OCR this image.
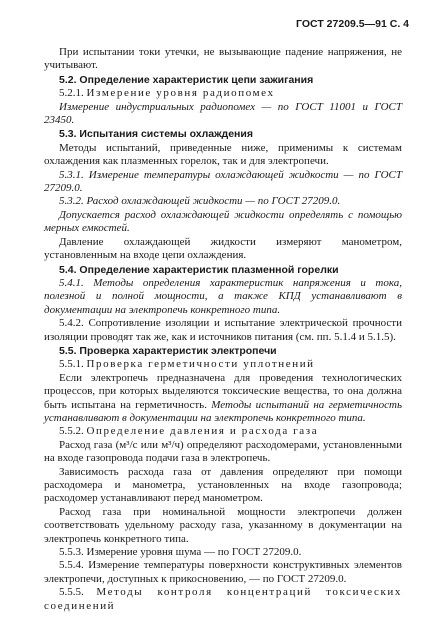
ГОСТ 27209.5—91 С. 4

При испытании токи утечки, не вызывающие падение напряжения, не учитывают.

5.2. Определение характеристик цепи зажигания

5.2.1. Измерение уровня радиопомех

Измерение индустриальных радиопомех — по ГОСТ 11001 и ГОСТ 23450.

5.3. Испытания системы охлаждения

Методы испытаний, приведенные ниже, применимы к системам охлаждения как плазменных горелок, так и для электропечи.

5.3.1. Измерение температуры охлаждающей жидкости — по ГОСТ 27209.0.

5.3.2. Расход охлаждающей жидкости — по ГОСТ 27209.0.

Допускается расход охлаждающей жидкости определять с помощью мерных емкостей.

Давление охлаждающей жидкости измеряют манометром, установленным на входе цепи охлаждения.

5.4. Определение характеристик плазменной горелки

5.4.1. Методы определения характеристик напряжения и тока, полезной и полной мощности, а также КПД устанавливают в документации на электропечь конкретного типа.

5.4.2. Сопротивление изоляции и испытание электрической прочности изоляции проводят так же, как и источников питания (см. пп. 5.1.4 и 5.1.5).

5.5. Проверка характеристик электропечи

5.5.1. Проверка герметичности уплотнений

Если электропечь предназначена для проведения технологических процессов, при которых выделяются токсические вещества, то она должна быть испытана на герметичность. Методы испытаний на герметичность устанавливают в документации на электропечь конкретного типа.

5.5.2. Определение давления и расхода газа

Расход газа (м³/с или м³/ч) определяют расходомерами, установленными на входе газопровода подачи газа в электропечь.

Зависимость расхода газа от давления определяют при помощи расходомера и манометра, установленных на входе газопровода; расходомер устанавливают перед манометром.

Расход газа при номинальной мощности электропечи должен соответствовать удельному расходу газа, указанному в документации на электропечь конкретного типа.

5.5.3. Измерение уровня шума — по ГОСТ 27209.0.

5.5.4. Измерение температуры поверхности конструктивных элементов электропечи, доступных к прикосновению, — по ГОСТ 27209.0.

5.5.5. Методы контроля концентраций токсических соединений
